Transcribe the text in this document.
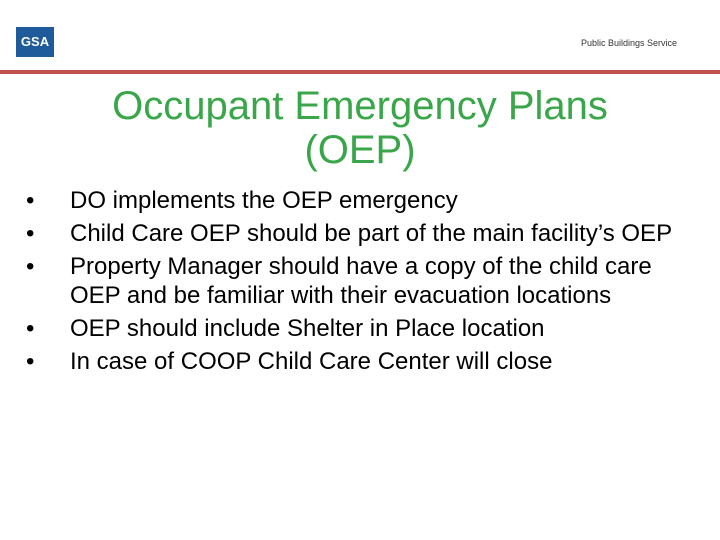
GSA	Public Buildings Service
Occupant Emergency Plans
(OEP)
•	DO implements the OEP emergency
•	Child Care OEP should be part of the main facility’s OEP
•	Property Manager should have a copy of the child care OEP and be familiar with their evacuation locations
•	OEP should include Shelter in Place location
•	In case of COOP Child Care Center will close
